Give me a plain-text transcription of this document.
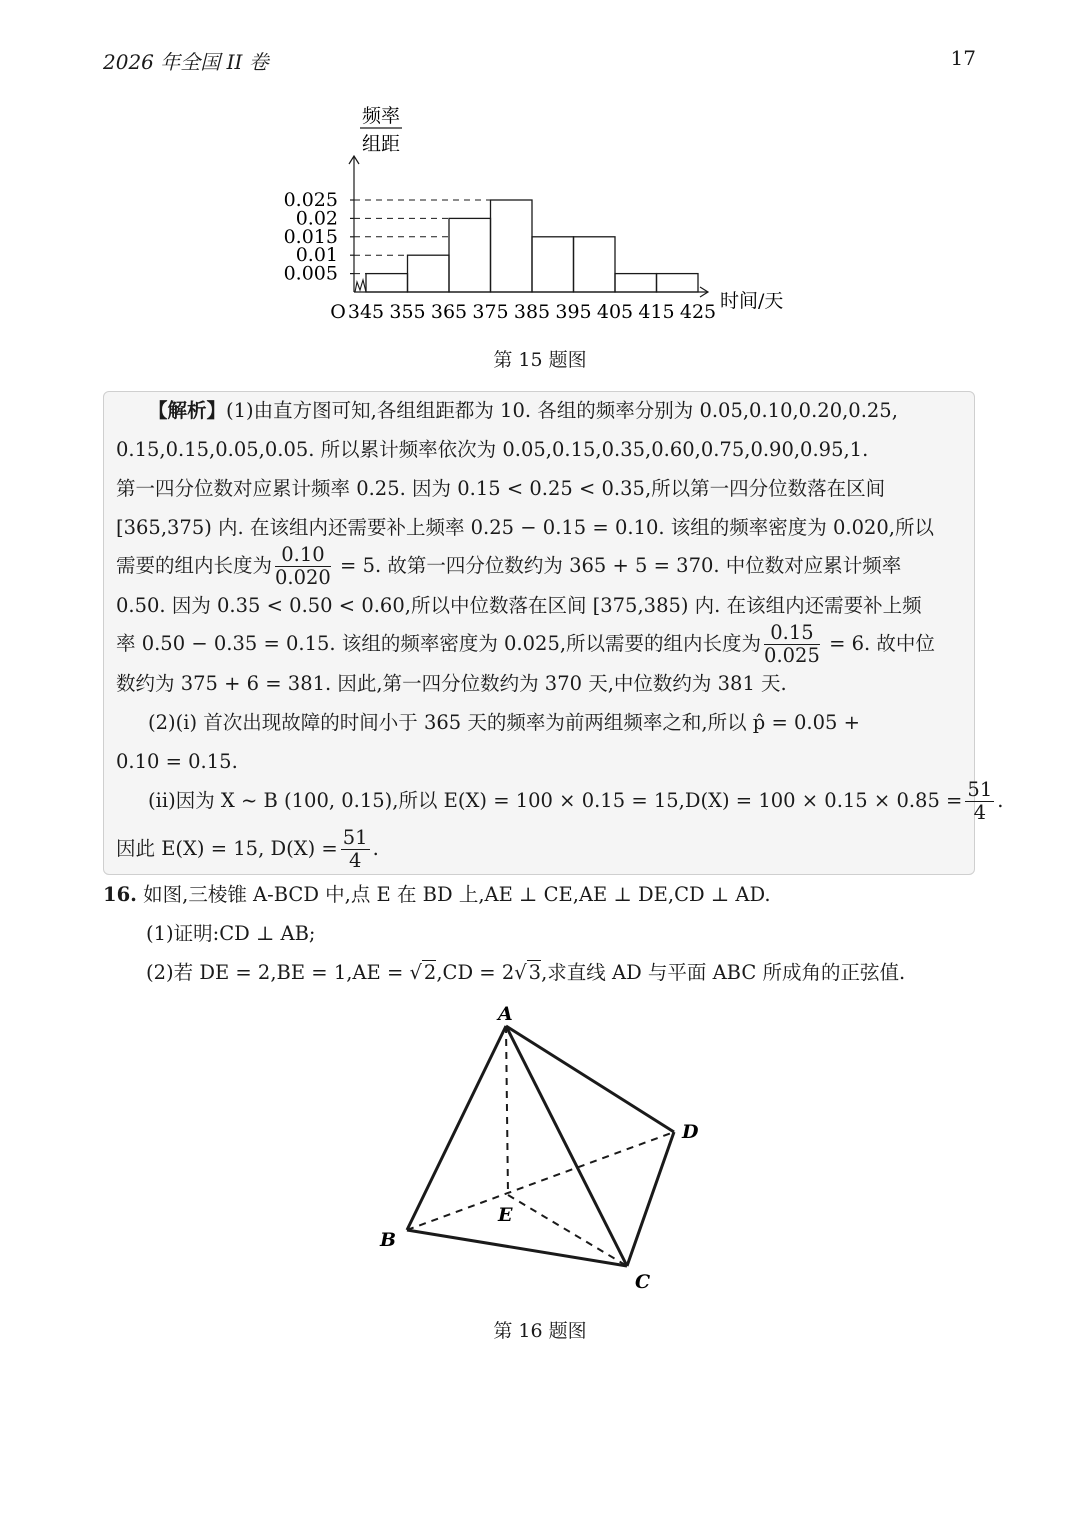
2026 年全国 II 卷	17
频率
组距
0.025
0.02
0.015
0.01
0.005
345 355 365 375 385 395 405 415 425
O	时间/天
第 15 题图
【解析】(1)由直方图可知,各组组距都为 10. 各组的频率分别为 0.05,0.10,0.20,0.25,
0.15,0.15,0.05,0.05. 所以累计频率依次为 0.05,0.15,0.35,0.60,0.75,0.90,0.95,1.
第一四分位数对应累计频率 0.25. 因为 0.15 < 0.25 < 0.35,所以第一四分位数落在区间
[365,375) 内. 在该组内还需要补上频率 0.25 − 0.15 = 0.10. 该组的频率密度为 0.020,所以
需要的组内长度为 $\frac{0.10}{0.020} = 5$. 故第一四分位数约为 365 + 5 = 370. 中位数对应累计频率
0.50. 因为 0.35 < 0.50 < 0.60,所以中位数落在区间 [375,385) 内. 在该组内还需要补上频
率 0.50 − 0.35 = 0.15. 该组的频率密度为 0.025,所以需要的组内长度为 $\frac{0.15}{0.025} = 6$. 故中位
数约为 375 + 6 = 381. 因此,第一四分位数约为 370 天,中位数约为 381 天.
(2)(i) 首次出现故障的时间小于 365 天的频率为前两组频率之和,所以 p̂ = 0.05 +
0.10 = 0.15.
(ii)因为 X ~ B (100, 0.15),所以 $E(X) = 100 \times 0.15 = 15,D(X) = 100 \times 0.15 \times 0.85 = \frac{51}{4}$ .
因此 E(X) = 15, $D(X) = \frac{51}{4}$ .
16. 如图,三棱锥 A-BCD 中,点 E 在 BD 上,AE ⊥ CE,AE ⊥ DE,CD ⊥ AD.
(1)证明:CD ⊥ AB;
(2)若 DE = 2,BE = 1,AE = √ 2,CD = 2√ 3,求直线 AD 与平面 ABC 所成角的正弦值.
A
B
C
D
E
第 16 题图
